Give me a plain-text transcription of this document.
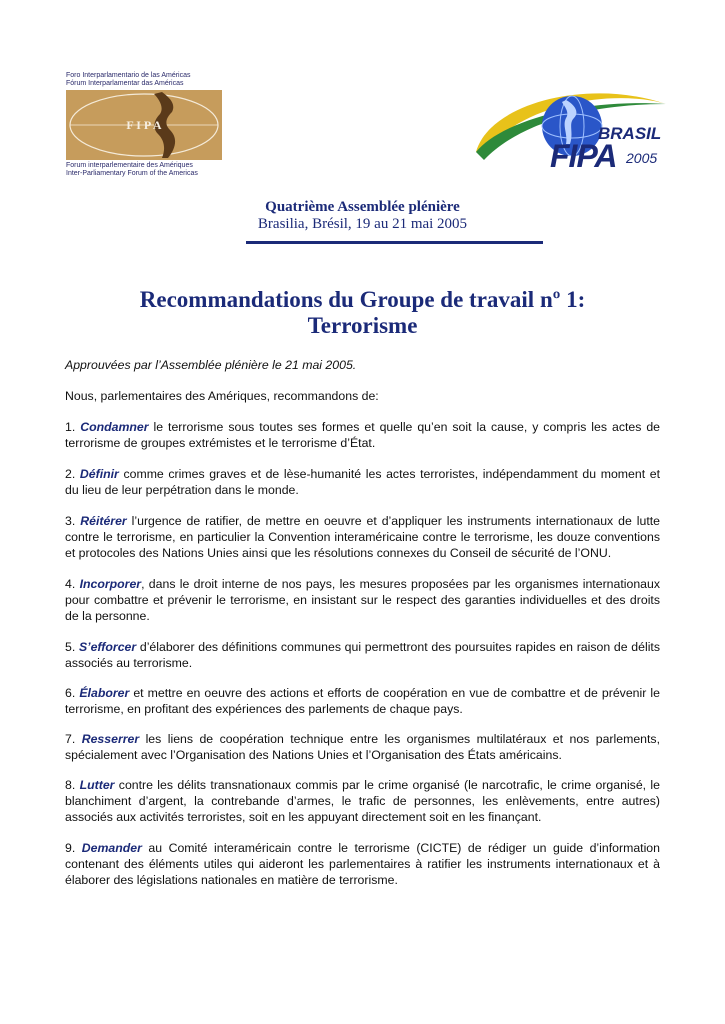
Foro Interparlamentario de las Américas
Fórum Interparlamentar das Américas
F I P A
Forum interparlementaire des Amériques
Inter-Parliamentary Forum of the Americas
BRASIL
FIPA 2005
Quatrième Assemblée plénière
Brasilia, Brésil, 19 au 21 mai 2005
Recommandations du Groupe de travail nº 1:
Terrorisme
Approuvées par l’Assemblée plénière le 21 mai 2005.
Nous, parlementaires des Amériques, recommandons de:
1. Condamner le terrorisme sous toutes ses formes et quelle qu’en soit la cause, y compris les actes de terrorisme de groupes extrémistes et le terrorisme d’État.
2. Définir comme crimes graves et de lèse-humanité les actes terroristes, indépendamment du moment et du lieu de leur perpétration dans le monde.
3. Réitérer l’urgence de ratifier, de mettre en oeuvre et d’appliquer les instruments internationaux de lutte contre le terrorisme, en particulier la Convention interaméricaine contre le terrorisme, les douze conventions et protocoles des Nations Unies ainsi que les résolutions connexes du Conseil de sécurité de l’ONU.
4. Incorporer, dans le droit interne de nos pays, les mesures proposées par les organismes internationaux pour combattre et prévenir le terrorisme, en insistant sur le respect des garanties individuelles et des droits de la personne.
5. S’efforcer d’élaborer des définitions communes qui permettront des poursuites rapides en raison de délits associés au terrorisme.
6. Élaborer et mettre en oeuvre des actions et efforts de coopération en vue de combattre et de prévenir le terrorisme, en profitant des expériences des parlements de chaque pays.
7. Resserrer les liens de coopération technique entre les organismes multilatéraux et nos parlements, spécialement avec l’Organisation des Nations Unies et l’Organisation des États américains.
8. Lutter contre les délits transnationaux commis par le crime organisé (le narcotrafic, le crime organisé, le blanchiment d’argent, la contrebande d’armes, le trafic de personnes, les enlèvements, entre autres) associés aux activités terroristes, soit en les appuyant directement soit en les finançant.
9. Demander au Comité interaméricain contre le terrorisme (CICTE) de rédiger un guide d’information contenant des éléments utiles qui aideront les parlementaires à ratifier les instruments internationaux et à élaborer des législations nationales en matière de terrorisme.
